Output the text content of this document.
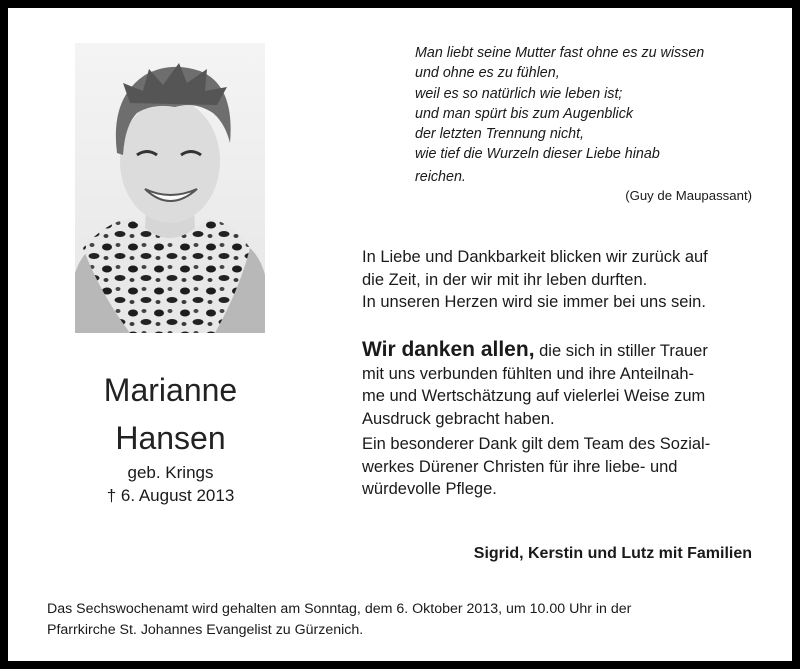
Man liebt seine Mutter fast ohne es zu wissen

und ohne es zu fühlen,

weil es so natürlich wie leben ist;

und man spürt bis zum Augenblick

der letzten Trennung nicht,

wie tief die Wurzeln dieser Liebe hinab

reichen.

(Guy de Maupassant)
Marianne
Hansen
geb. Krings
† 6. August 2013

In Liebe und Dankbarkeit blicken wir zurück auf

die Zeit, in der wir mit ihr leben durften.

In unseren Herzen wird sie immer bei uns sein.

Wir danken allen, die sich in stiller Trauer

mit uns verbunden fühlten und ihre Anteilnah-

me und Wertschätzung auf vielerlei Weise zum

Ausdruck gebracht haben.

Ein besonderer Dank gilt dem Team des Sozial-

werkes Dürener Christen für ihre liebe- und

würdevolle Pflege.

Sigrid, Kerstin und Lutz mit Familien

Das Sechswochenamt wird gehalten am Sonntag, dem 6. Oktober 2013, um 10.00 Uhr in der

Pfarrkirche St. Johannes Evangelist zu Gürzenich.
